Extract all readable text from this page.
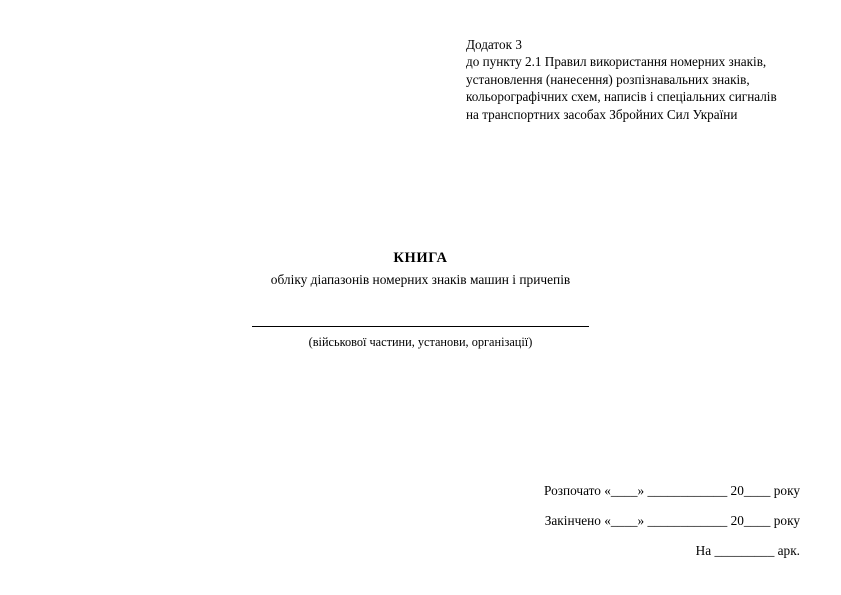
Додаток 3
до пункту 2.1 Правил використання номерних знаків,
установлення (нанесення) розпізнавальних знаків,
кольорографічних схем, написів і спеціальних сигналів
на транспортних засобах Збройних Сил України
КНИГА
обліку діапазонів номерних знаків машин і причепів
(військової частини, установи, організації)
Розпочато «____» ____________ 20____ року
Закінчено «____» ____________ 20____ року
На _________ арк.
